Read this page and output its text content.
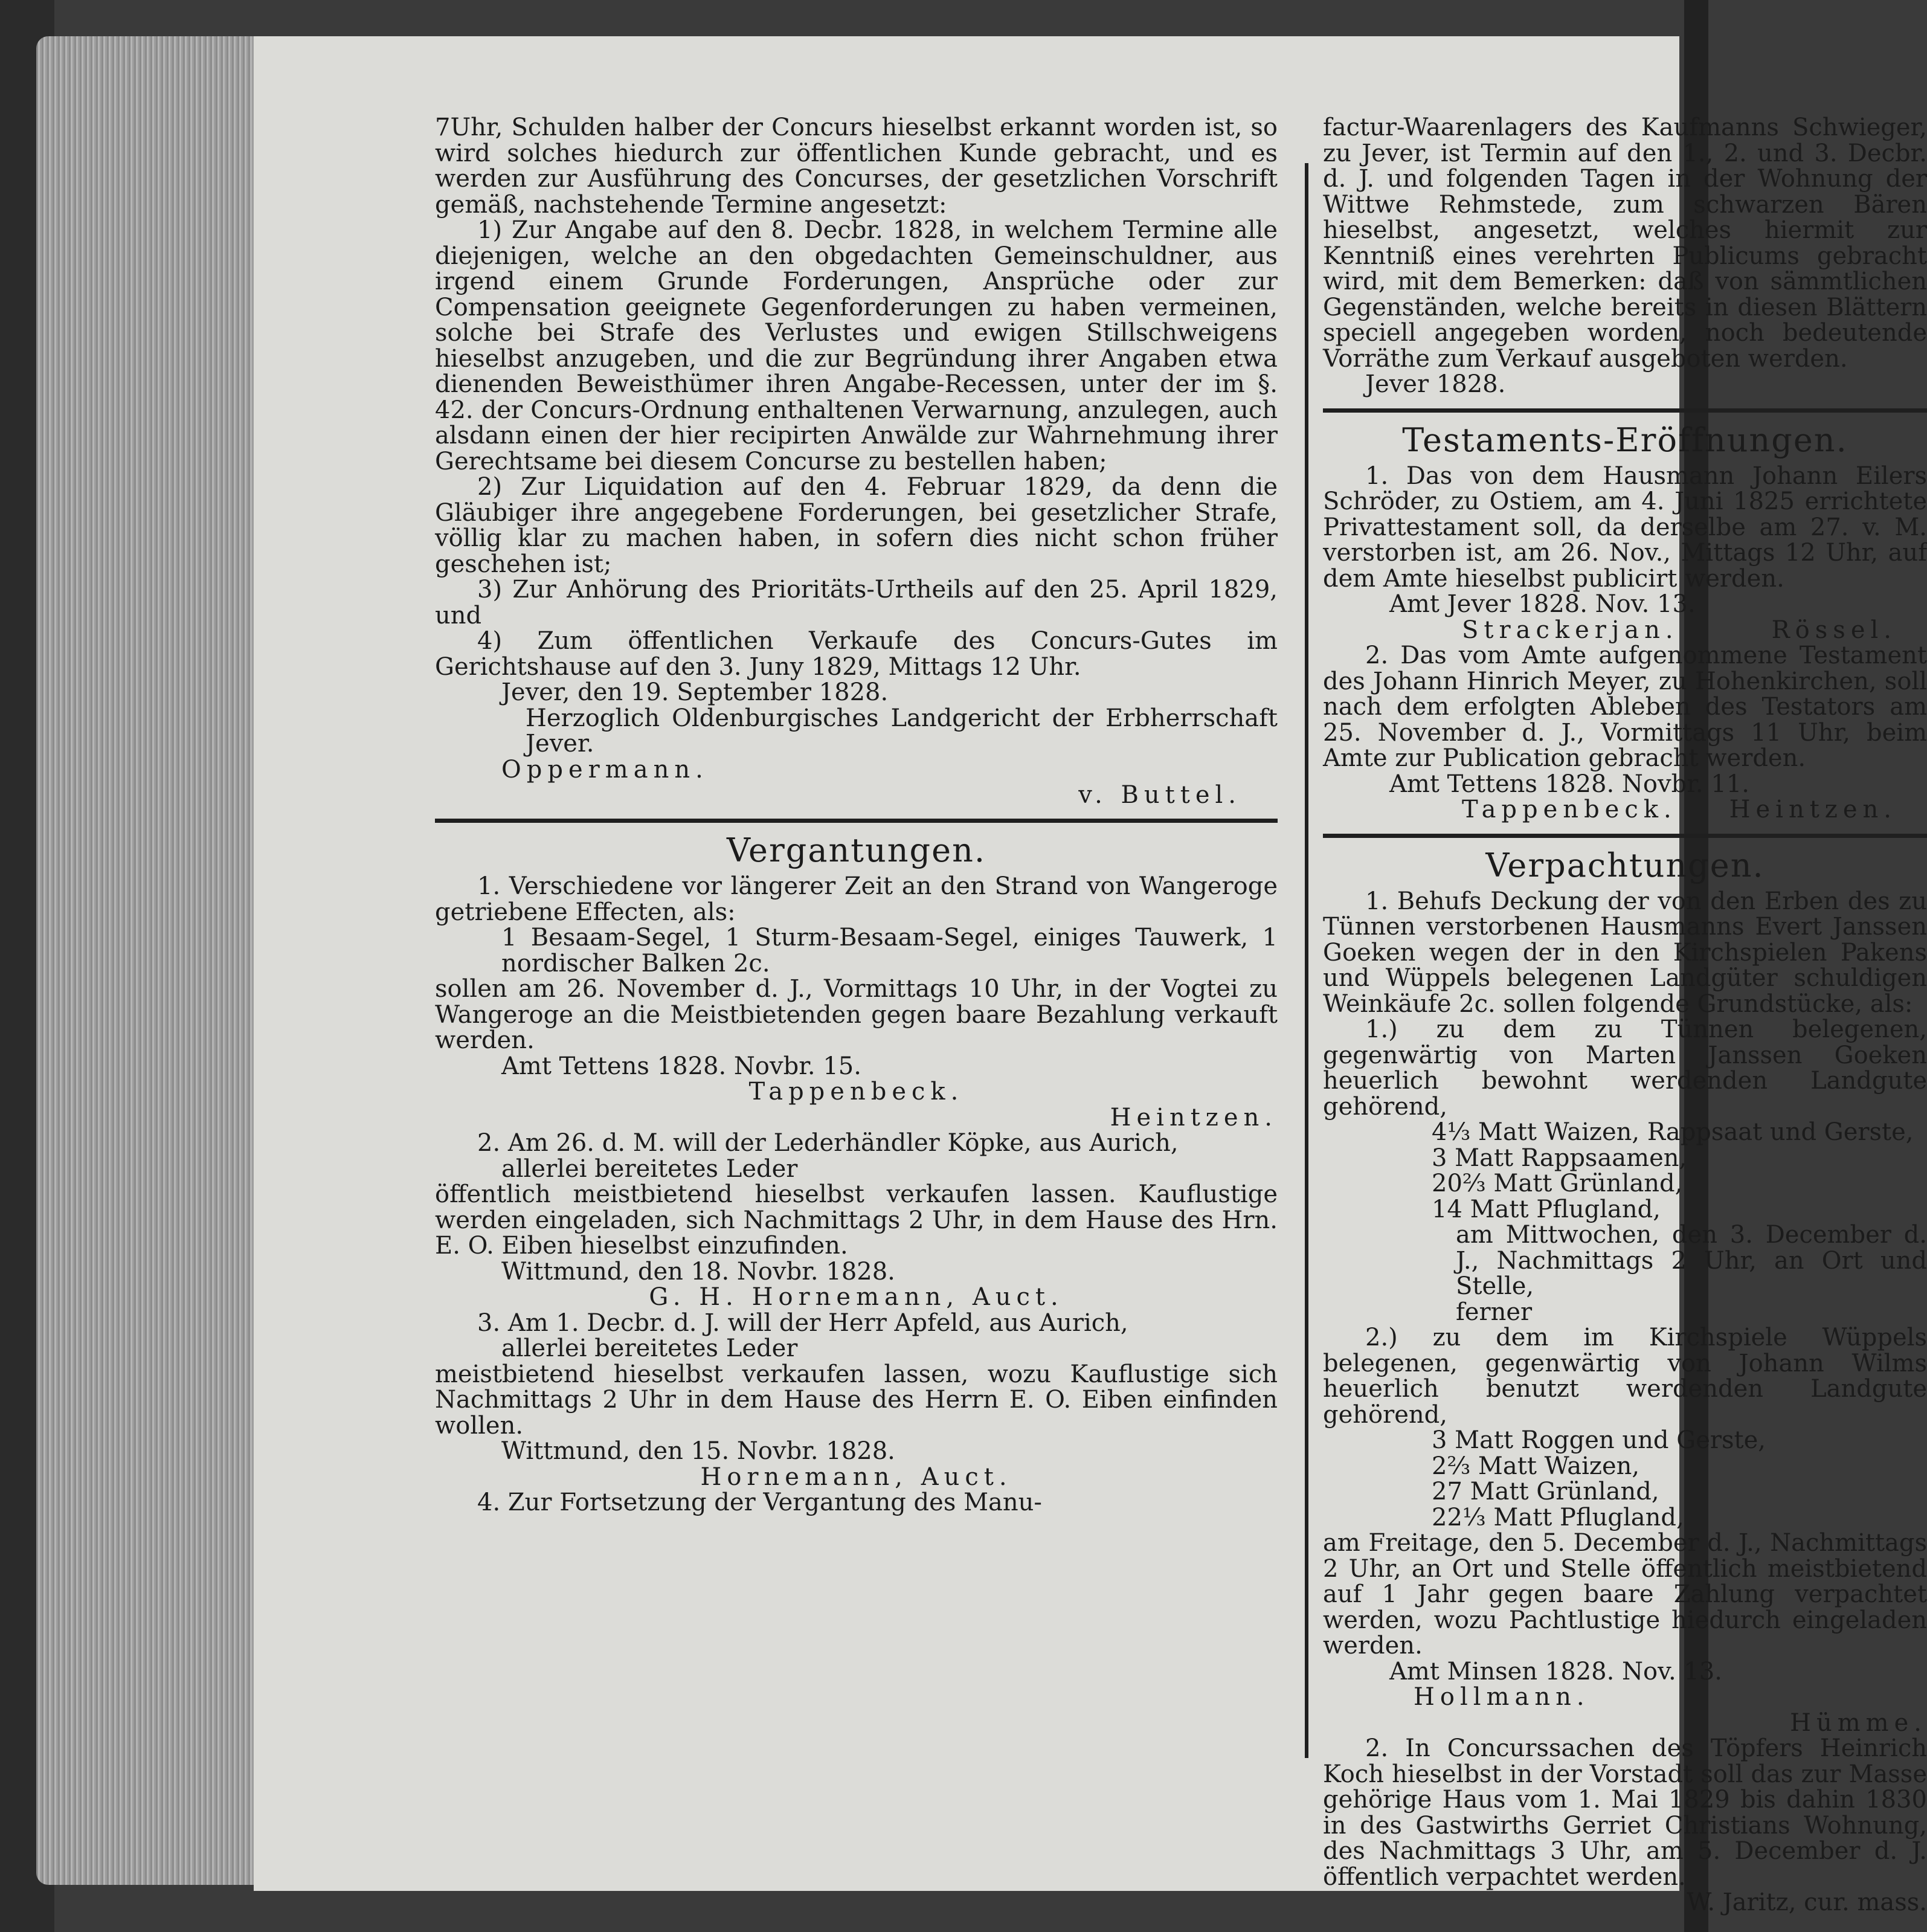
7Uhr, Schulden halber der Concurs hieselbst erkannt worden ist, so wird solches hiedurch zur öffentlichen Kunde gebracht, und es werden zur Ausführung des Concurses, der gesetzlichen Vorschrift gemäß, nachstehende Termine angesetzt:

1) Zur Angabe auf den 8. Decbr. 1828, in welchem Termine alle diejenigen, welche an den obgedachten Gemeinschuldner, aus irgend einem Grunde Forderungen, Ansprüche oder zur Compensation geeignete Gegenforderungen zu haben vermeinen, solche bei Strafe des Verlustes und ewigen Stillschweigens hieselbst anzugeben, und die zur Begründung ihrer Angaben etwa dienenden Beweisthümer ihren Angabe-Recessen, unter der im §. 42. der Concurs-Ordnung enthaltenen Verwarnung, anzulegen, auch alsdann einen der hier recipirten Anwälde zur Wahrnehmung ihrer Gerechtsame bei diesem Concurse zu bestellen haben;

2) Zur Liquidation auf den 4. Februar 1829, da denn die Gläubiger ihre angegebene Forderungen, bei gesetzlicher Strafe, völlig klar zu machen haben, in sofern dies nicht schon früher geschehen ist;

3) Zur Anhörung des Prioritäts-Urtheils auf den 25. April 1829, und

4) Zum öffentlichen Verkaufe des Concurs-Gutes im Gerichtshause auf den 3. Juny 1829, Mittags 12 Uhr.

Jever, den 19. September 1828.

Herzoglich Oldenburgisches Landgericht der Erbherrschaft Jever.

Oppermann.
v. Buttel.
Vergantungen.

1. Verschiedene vor längerer Zeit an den Strand von Wangeroge getriebene Effecten, als:

1 Besaam-Segel, 1 Sturm-Besaam-Segel, einiges Tauwerk, 1 nordischer Balken 2c.

sollen am 26. November d. J., Vormittags 10 Uhr, in der Vogtei zu Wangeroge an die Meistbietenden gegen baare Bezahlung verkauft werden.

Amt Tettens 1828. Novbr. 15.

Tappenbeck.

Heintzen.

2. Am 26. d. M. will der Lederhändler Köpke, aus Aurich,

allerlei bereitetes Leder

öffentlich meistbietend hieselbst verkaufen lassen. Kauflustige werden eingeladen, sich Nachmittags 2 Uhr, in dem Hause des Hrn. E. O. Eiben hieselbst einzufinden.

Wittmund, den 18. Novbr. 1828.

G. H. Hornemann, Auct.

3. Am 1. Decbr. d. J. will der Herr Apfeld, aus Aurich,

allerlei bereitetes Leder

meistbietend hieselbst verkaufen lassen, wozu Kauflustige sich Nachmittags 2 Uhr in dem Hause des Herrn E. O. Eiben einfinden wollen.

Wittmund, den 15. Novbr. 1828.

Hornemann, Auct.

4. Zur Fortsetzung der Vergantung des Manu-

factur-Waarenlagers des Kaufmanns Schwieger, zu Jever, ist Termin auf den 1., 2. und 3. Decbr. d. J. und folgenden Tagen in der Wohnung der Wittwe Rehmstede, zum schwarzen Bären hieselbst, angesetzt, welches hiermit zur Kenntniß eines verehrten Publicums gebracht wird, mit dem Bemerken: daß von sämmtlichen Gegenständen, welche bereits in diesen Blättern speciell angegeben worden, noch bedeutende Vorräthe zum Verkauf ausgeboten werden.

Jever 1828.

Testaments-Eröffnungen.

1. Das von dem Hausmann Johann Eilers Schröder, zu Ostiem, am 4. Juni 1825 errichtete Privattestament soll, da derselbe am 27. v. M. verstorben ist, am 26. Nov., Mittags 12 Uhr, auf dem Amte hieselbst publicirt werden.

Amt Jever 1828. Nov. 13.

Strackerjan.	Rössel.

2. Das vom Amte aufgenommene Testament des Johann Hinrich Meyer, zu Hohenkirchen, soll nach dem erfolgten Ableben des Testators am 25. November d. J., Vormittags 11 Uhr, beim Amte zur Publication gebracht werden.

Amt Tettens 1828. Novbr. 11.

Tappenbeck. Heintzen.
Verpachtungen.

1. Behufs Deckung der von den Erben des zu Tünnen verstorbenen Hausmanns Evert Janssen Goeken wegen der in den Kirchspielen Pakens und Wüppels belegenen Landgüter schuldigen Weinkäufe 2c. sollen folgende Grundstücke, als:

1.) zu dem zu Tünnen belegenen, gegenwärtig von Marten Janssen Goeken heuerlich bewohnt werdenden Landgute gehörend,

4⅓ Matt Waizen, Rappsaat und Gerste,

3 Matt Rappsaamen,

20⅔ Matt Grünland,

14 Matt Pflugland,

am Mittwochen, den 3. December d. J., Nachmittags 2 Uhr, an Ort und Stelle,

ferner

2.) zu dem im Kirchspiele Wüppels belegenen, gegenwärtig von Johann Wilms heuerlich benutzt werdenden Landgute gehörend,

3 Matt Roggen und Gerste,

2⅔ Matt Waizen,

27 Matt Grünland,

22⅓ Matt Pflugland,

am Freitage, den 5. December d. J., Nachmittags 2 Uhr, an Ort und Stelle öffentlich meistbietend auf 1 Jahr gegen baare Zahlung verpachtet werden, wozu Pachtlustige hiedurch eingeladen werden.

Amt Minsen 1828. Nov. 13.

Hollmann.

Hümme.

2. In Concurssachen des Töpfers Heinrich Koch hieselbst in der Vorstadt soll das zur Masse gehörige Haus vom 1. Mai 1829 bis dahin 1830 in des Gastwirths Gerriet Christians Wohnung, des Nachmittags 3 Uhr, am 5. December d. J. öffentlich verpachtet werden.

W. Jaritz, cur. mass.
